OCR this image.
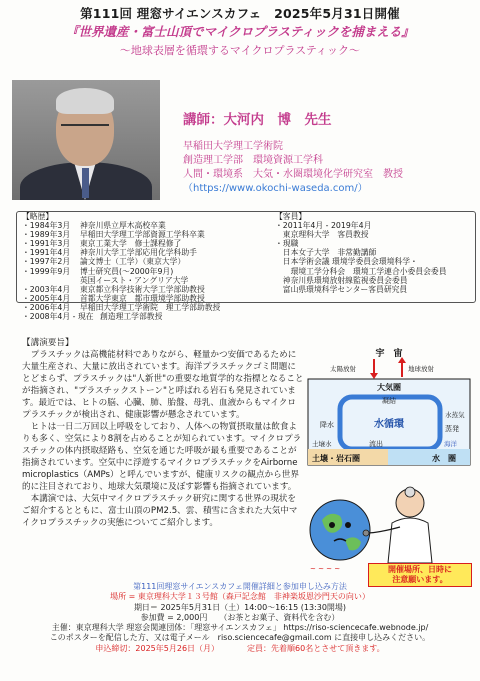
第111回 理窓サイエンスカフェ　2025年5月31日開催
『世界遺産・富士山頂でマイクロプラスティックを捕まえる』
～地球表層を循環するマイクロプラスティック～
講師：大河内　博　先生
早稲田大学理工学術院
創造理工学部　環境資源工学科
人間・環境系　大気・水圏環境化学研究室　教授
（https://www.okochi-waseda.com/）
【略歴】
・1984年3月	神奈川県立厚木高校卒業
・1989年3月	早稲田大学理工学部資源工学科卒業
・1991年3月	東京工業大学　修士課程修了
・1991年4月	神奈川大学工学部応用化学科助手
・1997年2月	論文博士（工学）（東京大学）
・1999年9月	博士研究員(～2000年9月)
英国イースト・アングリア大学
・2003年4月	東京都立科学技術大学工学部助教授
・2005年4月	首都大学東京　都市環境学部助教授
・2006年4月	早稲田大学理工学術院　理工学部助教授
・2008年4月 - 現在 創造理工学部教授
【客員】
・2011年4月 - 2019年4月
　東京理科大学　客員教授
・現職
　日本女子大学　非常勤講師
　日本学術会議 環境学委員会環境科学・
　　環境工学分科会　環境工学連合小委員会委員
　神奈川県環境放射線監視委員会委員
　富山県環境科学センター客員研究員
【講演要旨】
プラスチックは高機能材料でありながら、軽量かつ安価であるために大量生産され、大量に放出されています。海洋プラスチックゴミ問題にとどまらず、プラスチックは"人新世"の重要な地質学的な指標となることが指摘され、"プラスチックストーン"と呼ばれる岩石も発見されています。最近では、ヒトの脳、心臓、肺、胎盤、母乳、血液からもマイクロプラスチックが検出され、健康影響が懸念されています。
ヒトは一日二万回以上呼吸をしており、人体への物質摂取量は飲食よりも多く、空気により8割を占めることが知られています。マイクロプラスチックの体内摂取経路も、空気を通じた呼吸が最も重要であることが指摘されています。空気中に浮遊するマイクロプラスチックをAirborne microplastics（AMPs）と呼んでいますが、健康リスクの観点から世界的に注目されており、地球大気環境に及ぼす影響も指摘されています。
本講演では、大気中マイクロプラスチック研究に関する世界の現状をご紹介するとともに、富士山頂のPM2.5、雲、積雪に含まれた大気中マイクロプラスチックの実態についてご紹介します。
宇　宙
太陽放射	地球放射
大気圏
凝結
水蒸気
降水	水循環	蒸発
流出	海洋
土壌水
土壌・岩石圏	水　圏
~ ~ ~ ~	開催場所、日時に
注意願います。
第111回理窓サイエンスカフェ開催詳細と参加申し込み方法
場所 = 東京理科大学１３号館（森戸記念館　非神楽坂恩沙門天の向い）
期日＝ 2025年5月31日（土）14:00～16:15 (13:30開場)
参加費 = 2,000円　　（お茶とお菓子、資料代を含む）
主催：東京理科大学 理窓会関連団体：「理窓サイエンスカフェ」 https://riso-sciencecafe.webnode.jp/
このポスターを配信した方、又は電子メール　riso.sciencecafe@gmail.com に直接申し込みください。
申込締切：2025年5月26日（月）　　　　定員：先着順60名とさせて頂きます。
